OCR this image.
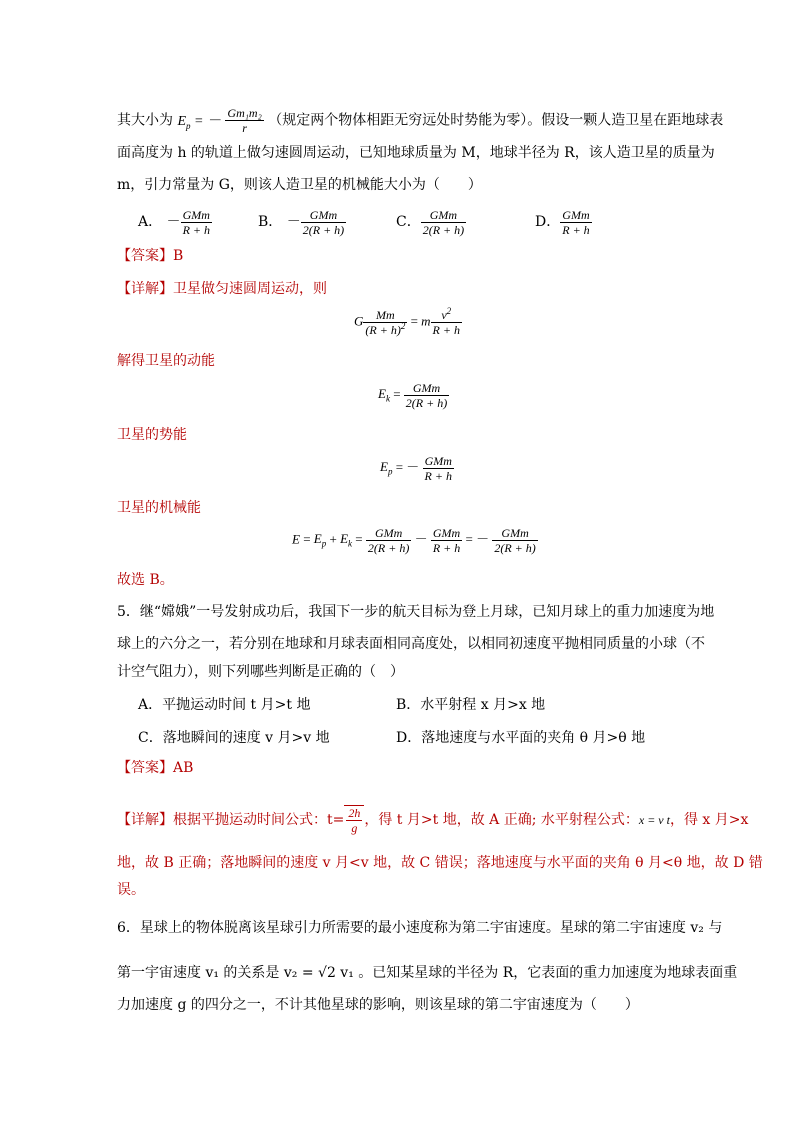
其大小为 $E_p$ = － $\frac{\text{Gm₁m₂}}{r}$ （规定两个物体相距无穷远处时势能为零）。假设一颗人造卫星在距地球表
面高度为 h 的轨道上做匀速圆周运动，已知地球质量为 M，地球半径为 R，该人造卫星的质量为
m，引力常量为 G，则该人造卫星的机械能大小为（　　）
A． － $\frac{\text{GMm}}{R + h}$	B． － $\frac{\text{GMm}}{2(R + h)}$	C． $\frac{\text{GMm}}{2(R + h)}$	D． $\frac{\text{GMm}}{R + h}$
【答案】B
【详解】卫星做匀速圆周运动，则
G $\frac{Mm}{(R + h)^2} = m \frac{v^2}{R + h}$
解得卫星的动能
$E_k = \frac{\text{GMm}}{2(R + h)}$
卫星的势能
$E_p$ = － $\frac{\text{GMm}}{R + h}$
卫星的机械能
$E = E_p + E_k = \frac{\text{GMm}}{2(R + h)} - \frac{\text{GMm}}{R + h}$ = － $\frac{\text{GMm}}{2(R + h)}$
故选 B。
5．继“嫦娥”一号发射成功后，我国下一步的航天目标为登上月球，已知月球上的重力加速度为地
球上的六分之一，若分别在地球和月球表面相同高度处，以相同初速度平抛相同质量的小球（不
计空气阻力），则下列哪些判断是正确的（　）
A．平抛运动时间 t 月>t 地	B．水平射程 x 月>x 地
C．落地瞬间的速度 v 月>v 地	D．落地速度与水平面的夹角 θ 月>θ 地
【答案】AB
【详解】根据平抛运动时间公式：$t= \frac{2h}{g}$ ，得 t 月>t 地，故 A 正确; 水平射程公式：x = v t，得 x 月>x
地，故 B 正确；落地瞬间的速度 v 月<v 地，故 C 错误；落地速度与水平面的夹角 θ 月<θ 地，故 D 错
误。
6．星球上的物体脱离该星球引力所需要的最小速度称为第二宇宙速度。星球的第二宇宙速度 v₂ 与
第一宇宙速度 v₁ 的关系是 v₂ = √2 v₁ 。已知某星球的半径为 R，它表面的重力加速度为地球表面重
力加速度 g 的四分之一，不计其他星球的影响，则该星球的第二宇宙速度为（　　）
